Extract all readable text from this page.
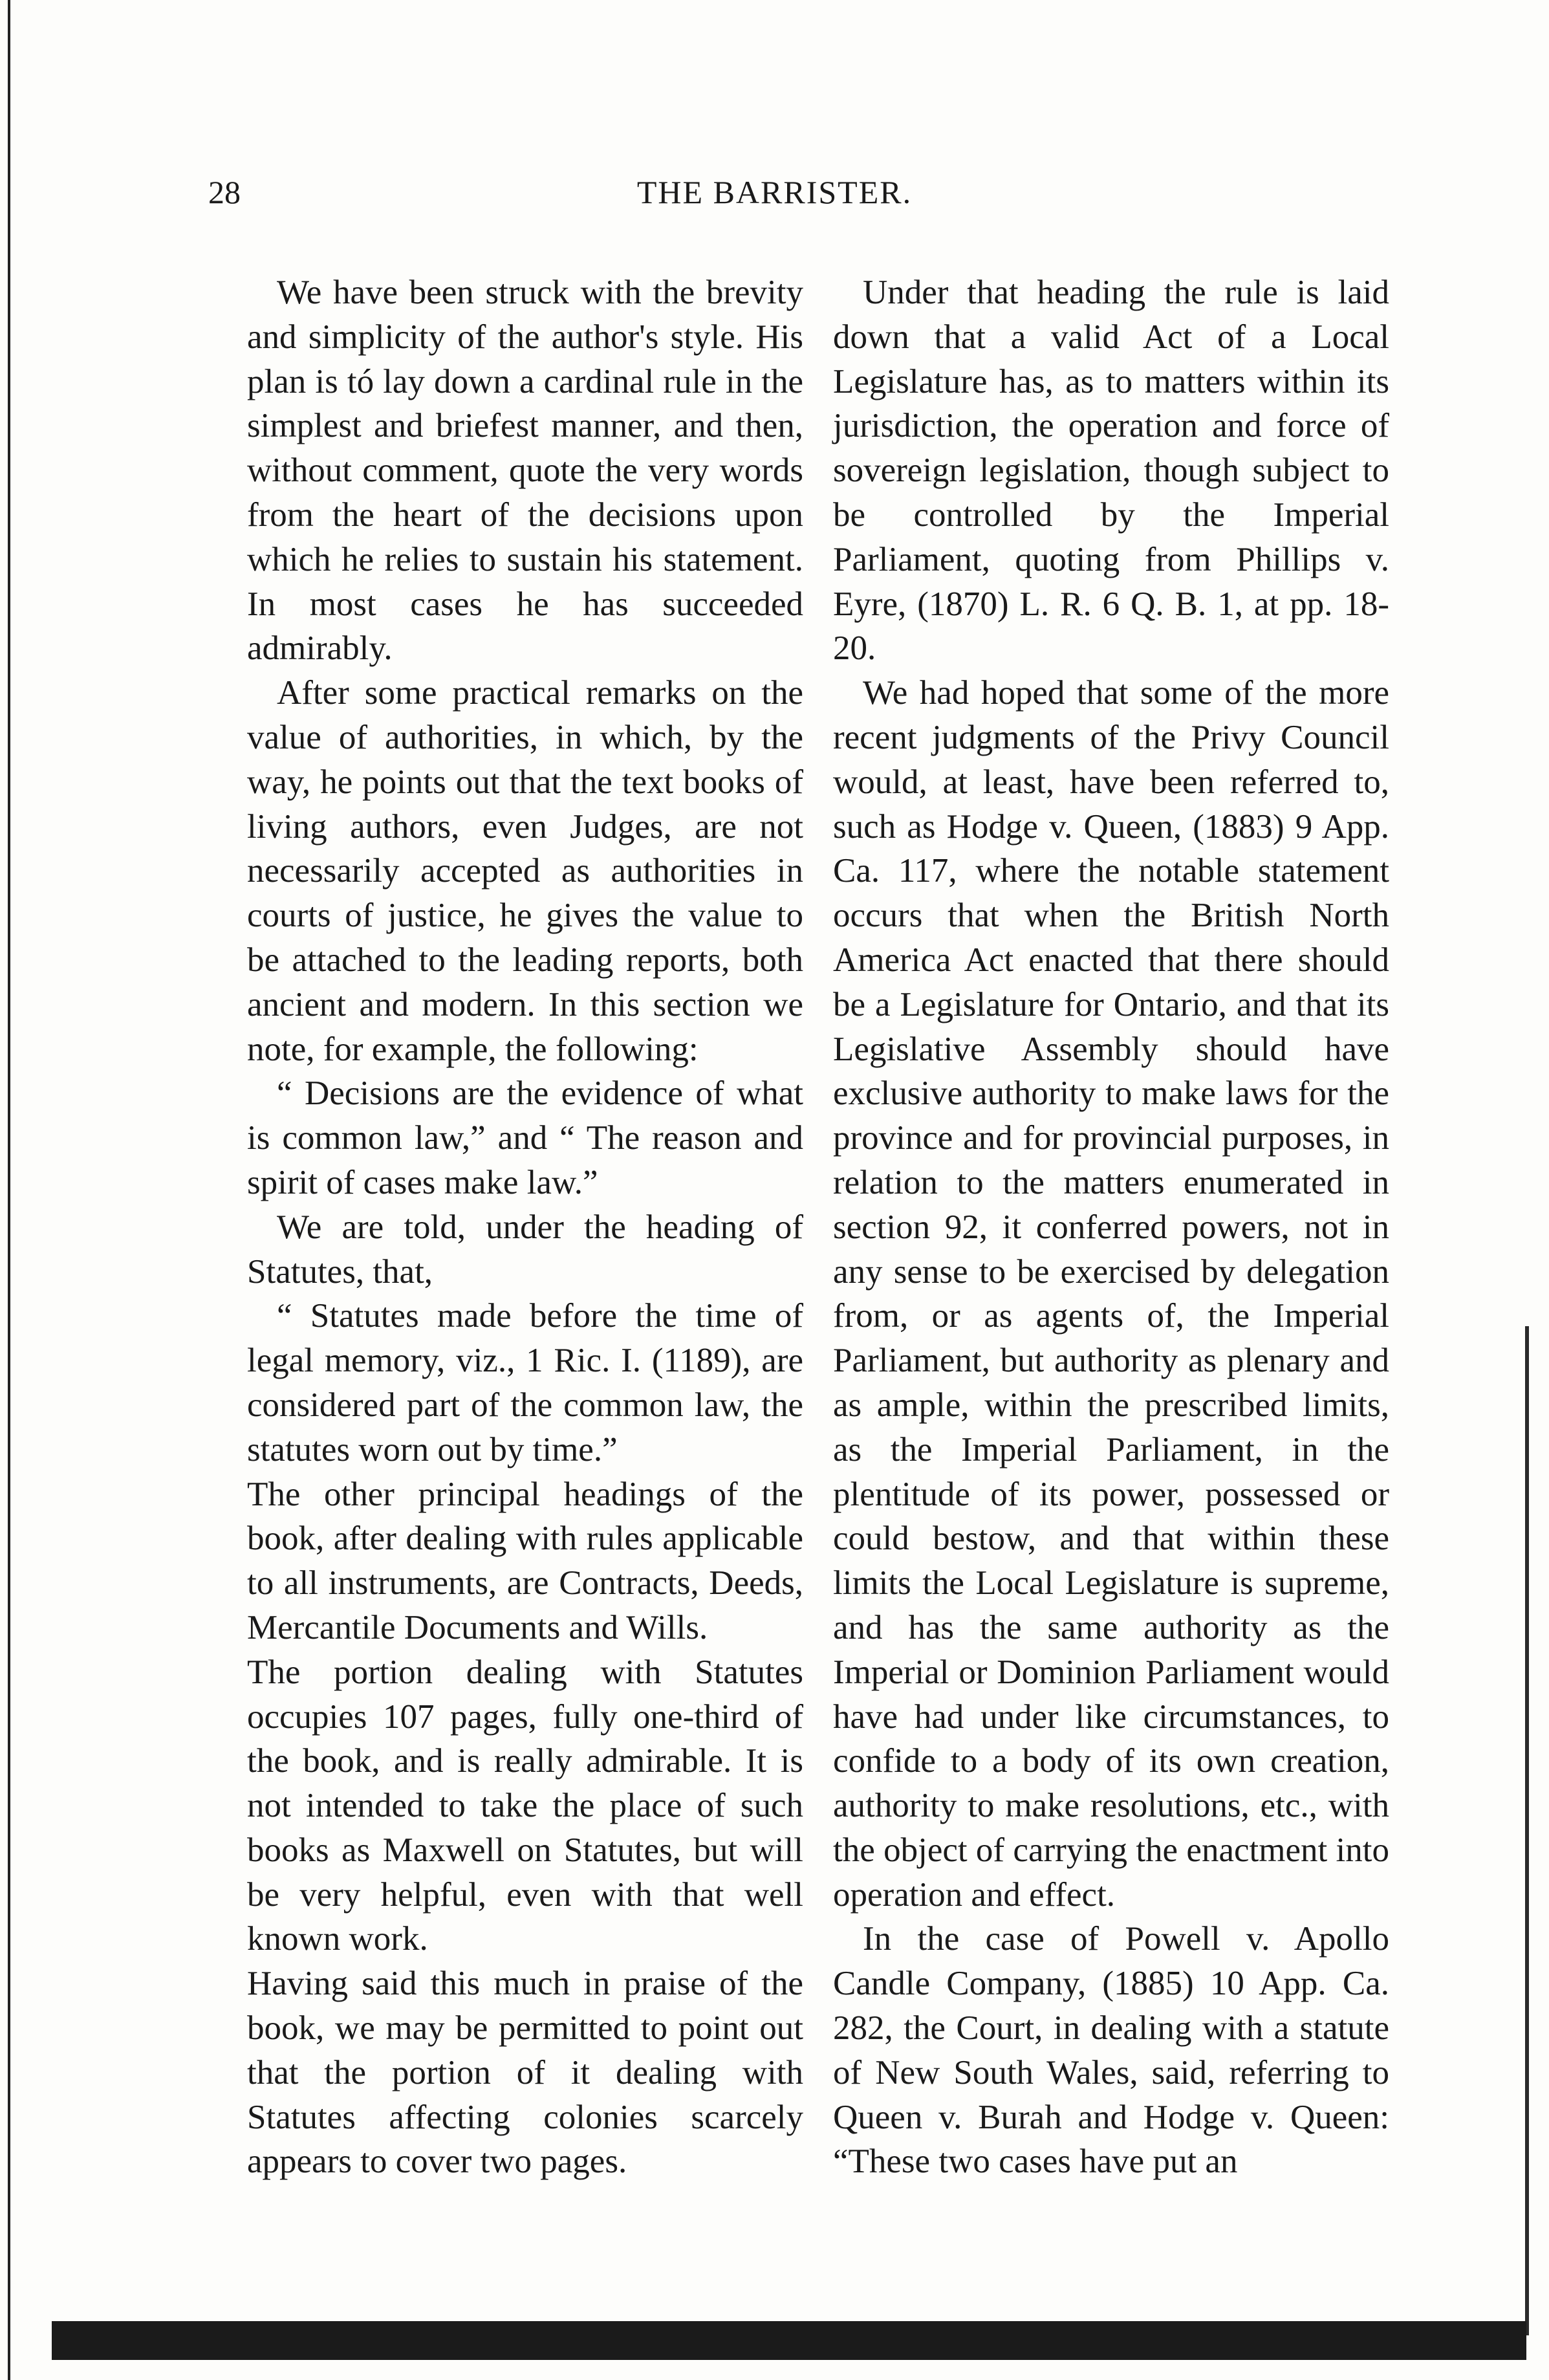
28	THE BARRISTER.

We have been struck with the brevity and simplicity of the author's style. His plan is tó lay down a cardinal rule in the simplest and briefest manner, and then, without comment, quote the very words from the heart of the decisions upon which he relies to sustain his statement. In most cases he has succeeded admirably.

After some practical remarks on the value of authorities, in which, by the way, he points out that the text books of living authors, even Judges, are not necessarily accepted as authorities in courts of justice, he gives the value to be attached to the leading reports, both ancient and modern. In this section we note, for example, the following:

“ Decisions are the evidence of what is common law,” and “ The reason and spirit of cases make law.”

We are told, under the heading of Statutes, that,

“ Statutes made before the time of legal memory, viz., 1 Ric. I. (1189), are considered part of the common law, the statutes worn out by time.”

The other principal headings of the book, after dealing with rules applicable to all instruments, are Contracts, Deeds, Mercantile Documents and Wills.

The portion dealing with Statutes occupies 107 pages, fully one-third of the book, and is really admirable. It is not intended to take the place of such books as Maxwell on Statutes, but will be very helpful, even with that well known work.

Having said this much in praise of the book, we may be permitted to point out that the portion of it dealing with Statutes affecting colonies scarcely appears to cover two pages.

Under that heading the rule is laid down that a valid Act of a Local Legislature has, as to matters within its jurisdiction, the operation and force of sovereign legislation, though subject to be controlled by the Imperial Parliament, quoting from Phillips v. Eyre, (1870) L. R. 6 Q. B. 1, at pp. 18-20.

We had hoped that some of the more recent judgments of the Privy Council would, at least, have been referred to, such as Hodge v. Queen, (1883) 9 App. Ca. 117, where the notable statement occurs that when the British North America Act enacted that there should be a Legislature for Ontario, and that its Legislative Assembly should have exclusive authority to make laws for the province and for provincial purposes, in relation to the matters enumerated in section 92, it conferred powers, not in any sense to be exercised by delegation from, or as agents of, the Imperial Parliament, but authority as plenary and as ample, within the prescribed limits, as the Imperial Parliament, in the plentitude of its power, possessed or could bestow, and that within these limits the Local Legislature is supreme, and has the same authority as the Imperial or Dominion Parliament would have had under like circumstances, to confide to a body of its own creation, authority to make resolutions, etc., with the object of carrying the enactment into operation and effect.

In the case of Powell v. Apollo Candle Company, (1885) 10 App. Ca. 282, the Court, in dealing with a statute of New South Wales, said, referring to Queen v. Burah and Hodge v. Queen: “These two cases have put an
